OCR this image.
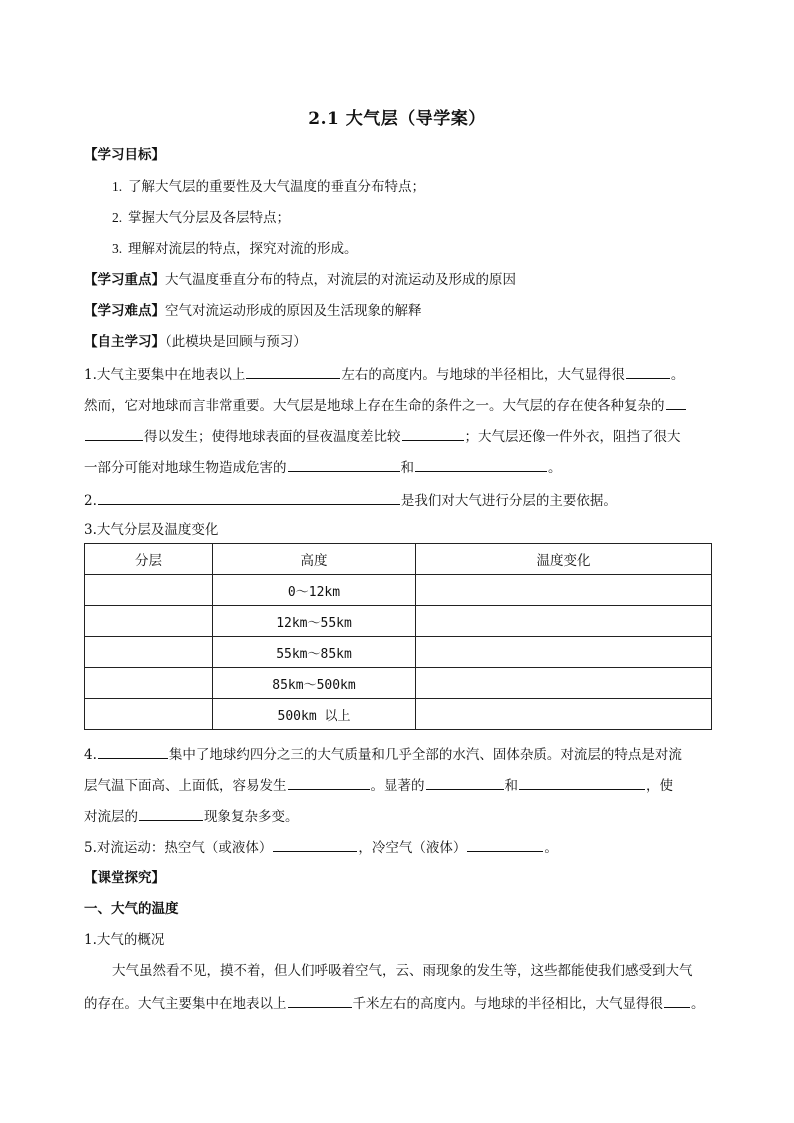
2.1 大气层（导学案）
【学习目标】
1. 了解大气层的重要性及大气温度的垂直分布特点；
2. 掌握大气分层及各层特点；
3. 理解对流层的特点，探究对流的形成。
【学习重点】大气温度垂直分布的特点，对流层的对流运动及形成的原因
【学习难点】空气对流运动形成的原因及生活现象的解释
【自主学习】（此模块是回顾与预习）
1.大气主要集中在地表以上	左右的高度内。与地球的半径相比，大气显得很	。
然而，它对地球而言非常重要。大气层是地球上存在生命的条件之一。大气层的存在使各种复杂的
得以发生；使得地球表面的昼夜温度差比较	；大气层还像一件外衣，阻挡了很大
一部分可能对地球生物造成危害的	和	。
2.	是我们对大气进行分层的主要依据。
3.大气分层及温度变化
分层	高度	温度变化
	0～12km	
	12km～55km	
	55km～85km	
	85km～500km	
	500km 以上	
4.	集中了地球约四分之三的大气质量和几乎全部的水汽、固体杂质。对流层的特点是对流
层气温下面高、上面低，容易发生	。显著的	和	，使
对流层的	现象复杂多变。
5.对流运动：热空气（或液体）	，冷空气（液体）	。
【课堂探究】
一、大气的温度
1.大气的概况
大气虽然看不见，摸不着，但人们呼吸着空气，云、雨现象的发生等，这些都能使我们感受到大气
的存在。大气主要集中在地表以上	千米左右的高度内。与地球的半径相比，大气显得很 。
